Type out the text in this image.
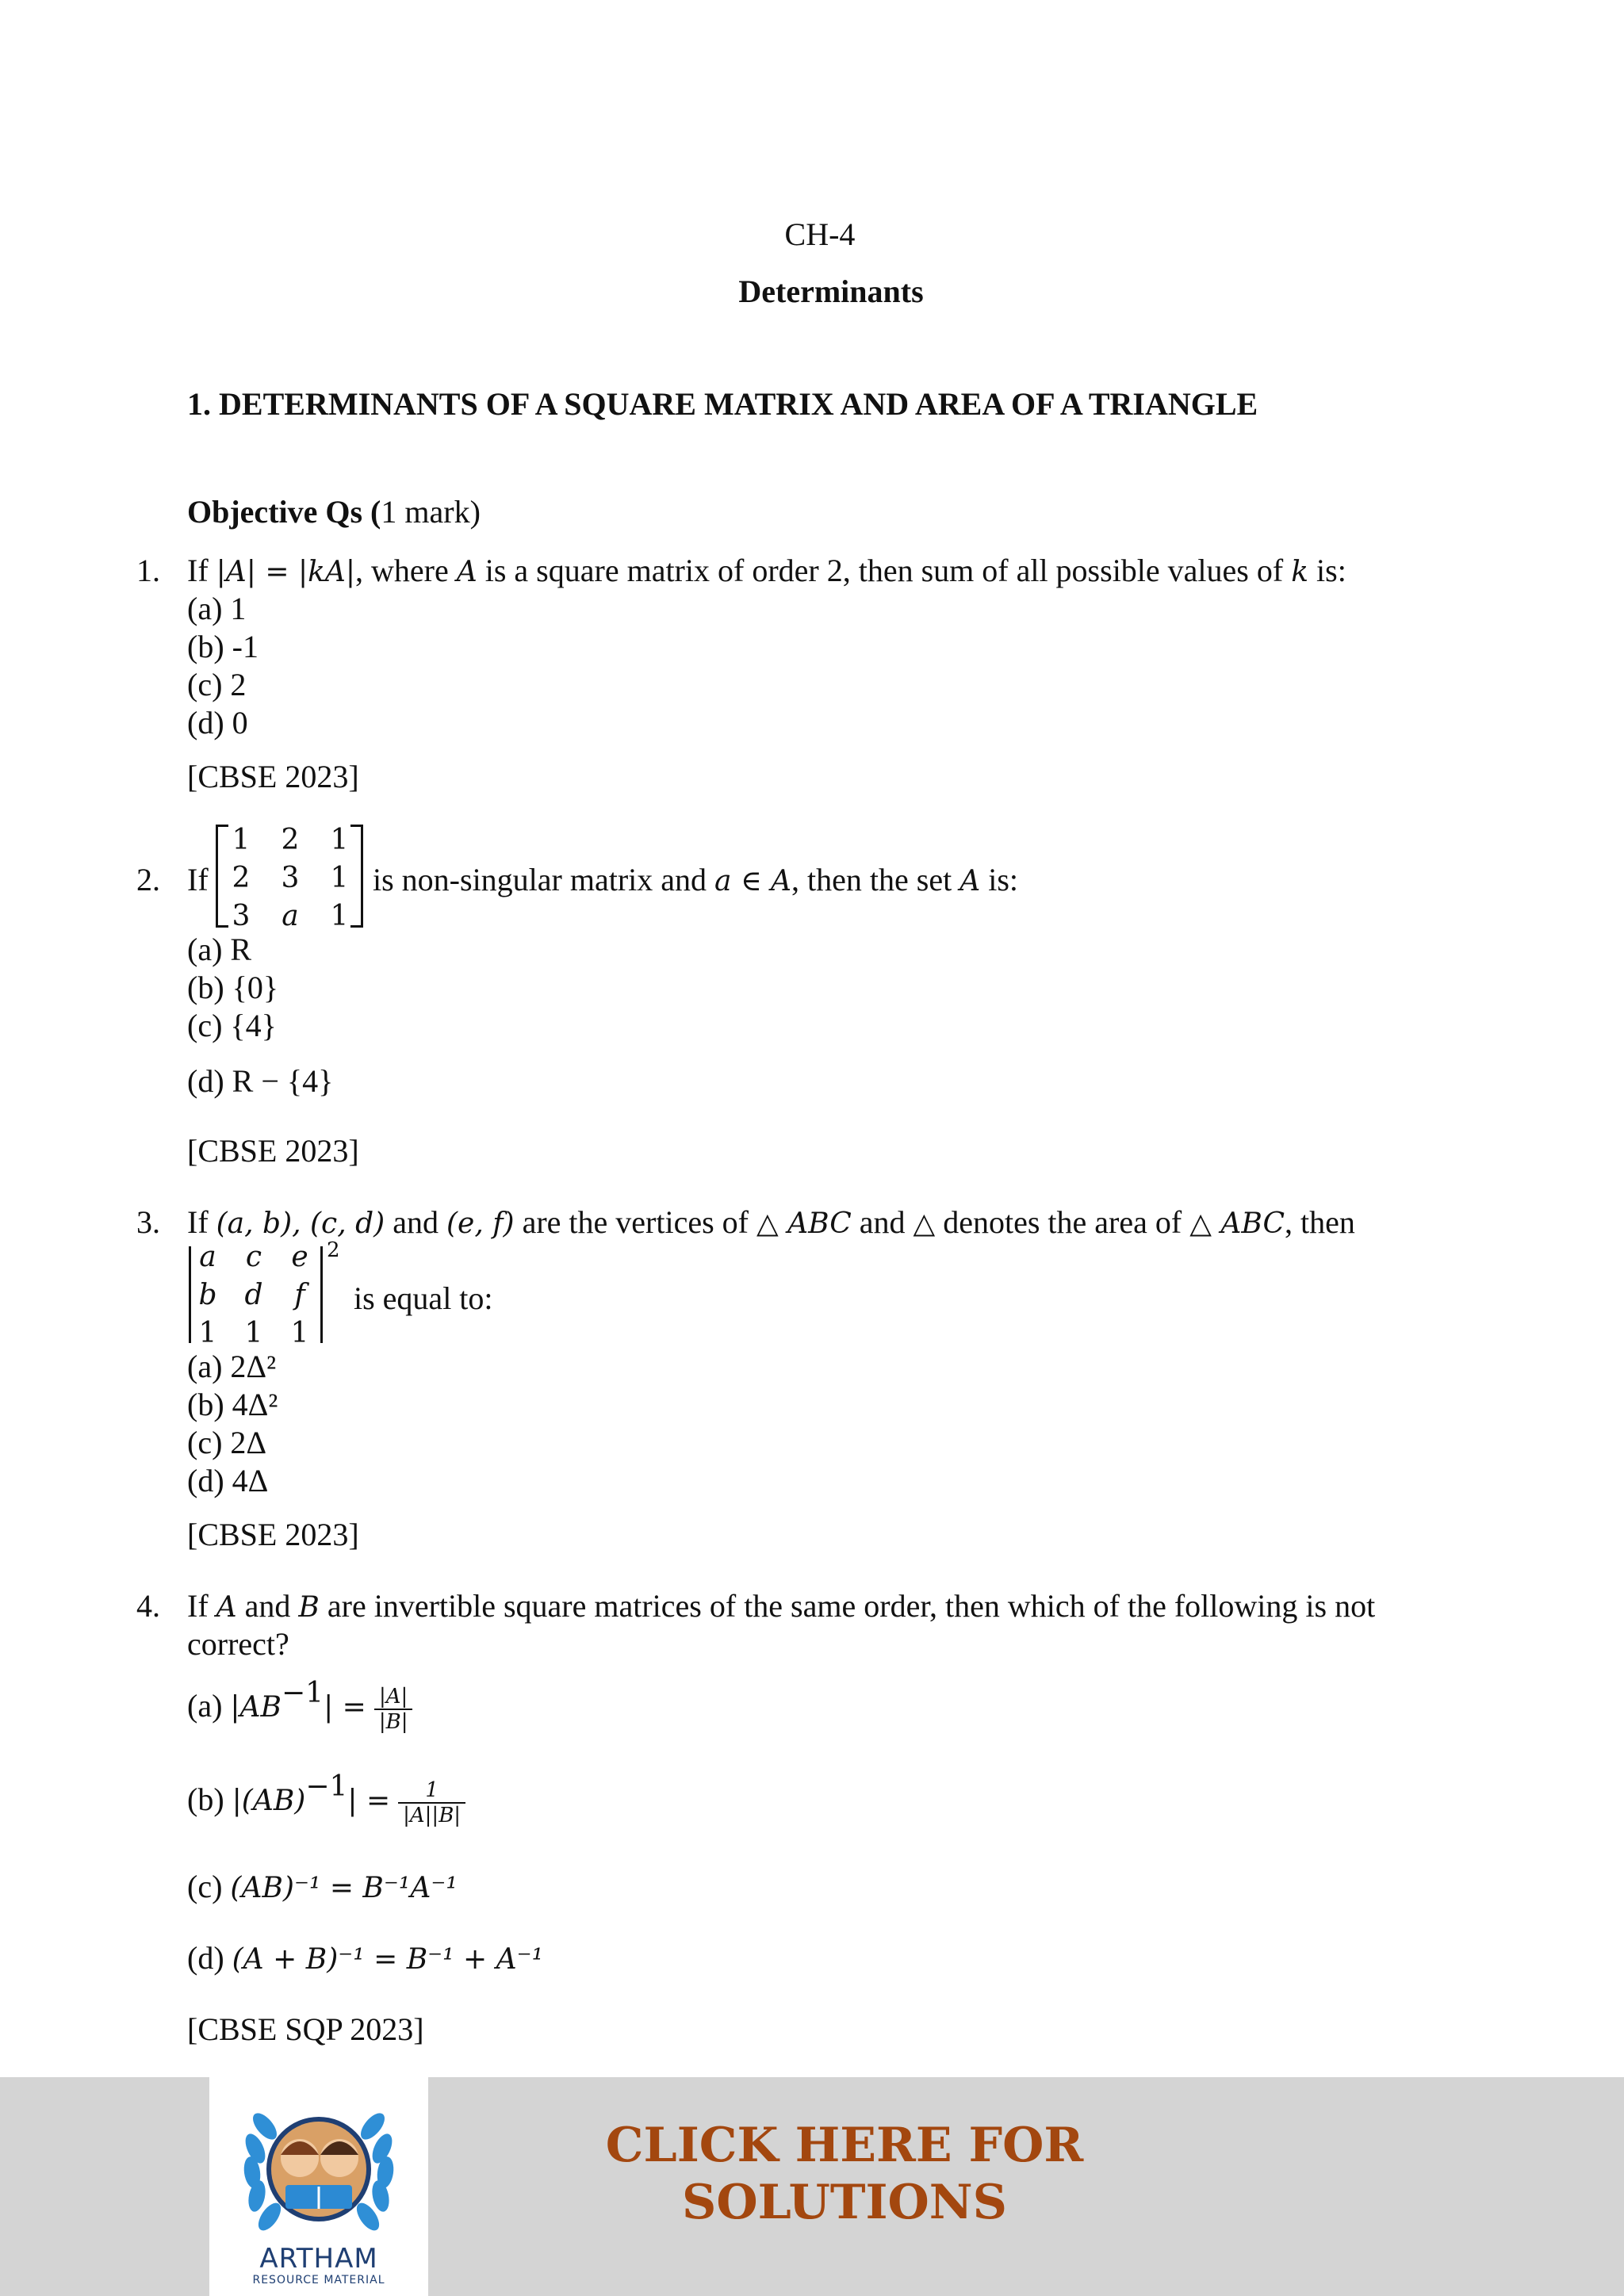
CH-4
Determinants
1. DETERMINANTS OF A SQUARE MATRIX AND AREA OF A TRIANGLE
Objective Qs (1 mark)
1. If |A| = |kA|, where A is a square matrix of order 2, then sum of all possible values of k is:
(a) 1
(b) -1
(c) 2
(d) 0
[CBSE 2023]
2. If
1 2 1
2 3 1
3	a	1
is non-singular matrix and a ∈ A, then the set A is:
(a) R
(b) {0}
(c) {4}
(d) R − {4}
[CBSE 2023]
3. If (a, b), (c, d) and (e, f) are the vertices of △ ABC and △ denotes the area of △ ABC, then
a	c	e
b d	f
1 1 1
2
is equal to:
(a) 2Δ²
(b) 4Δ²
(c) 2Δ
(d) 4Δ
[CBSE 2023]
4. If A and B are invertible square matrices of the same order, then which of the following is not
correct?
(a) $|AB^{-1}| = \frac{|A|}{|B|}$
(b) $|(AB)^{-1}| = \frac{1}{|A||B|}$
(c) (AB)⁻¹ = B⁻¹A⁻¹
(d) (A + B)⁻¹ = B⁻¹ + A⁻¹
[CBSE SQP 2023]
ARTHAM
RESOURCE MATERIAL
CLICK HERE FOR
SOLUTIONS
